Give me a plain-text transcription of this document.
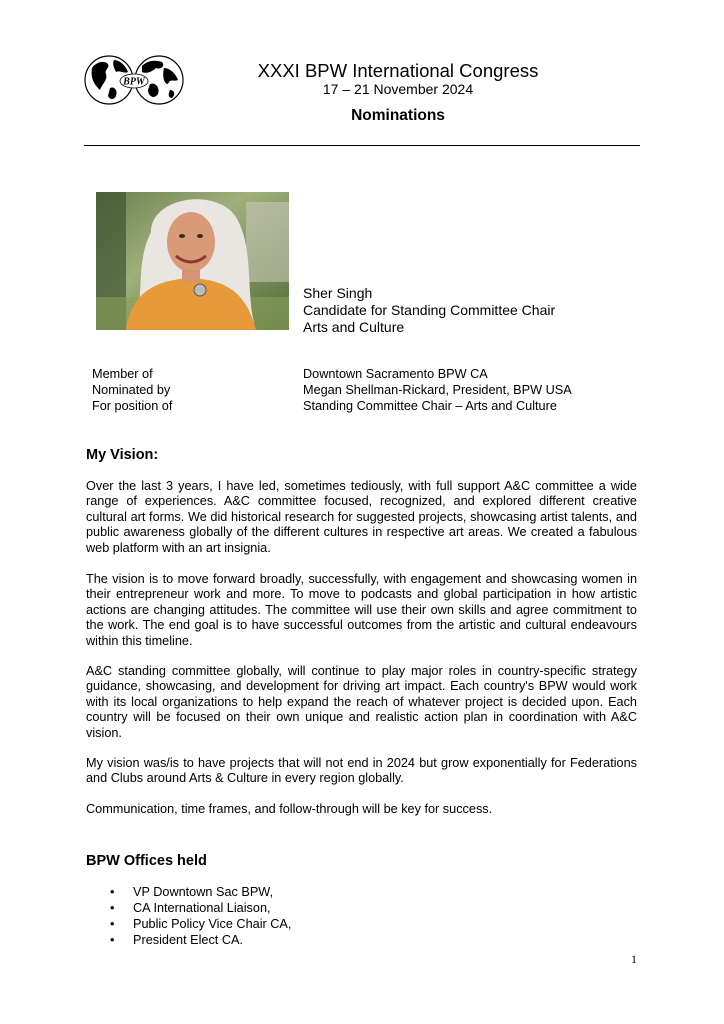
BPW
XXXI BPW International Congress
17 – 21 November 2024
Nominations
Sher Singh
Candidate for Standing Committee Chair
Arts and Culture
Member of	Downtown Sacramento BPW CA
Nominated by	Megan Shellman-Rickard, President, BPW USA
For position of	Standing Committee Chair – Arts and Culture
My Vision:

Over the last 3 years, I have led, sometimes tediously, with full support A&C committee a wide range of experiences. A&C committee focused, recognized, and explored different creative cultural art forms. We did historical research for suggested projects, showcasing artist talents, and public awareness globally of the different cultures in respective art areas. We created a fabulous web platform with an art insignia.

The vision is to move forward broadly, successfully, with engagement and showcasing women in their entrepreneur work and more. To move to podcasts and global participation in how artistic actions are changing attitudes. The committee will use their own skills and agree commitment to the work. The end goal is to have successful outcomes from the artistic and cultural endeavours within this timeline.

A&C standing committee globally, will continue to play major roles in country-specific strategy guidance, showcasing, and development for driving art impact. Each country's BPW would work with its local organizations to help expand the reach of whatever project is decided upon. Each country will be focused on their own unique and realistic action plan in coordination with A&C vision.

My vision was/is to have projects that will not end in 2024 but grow exponentially for Federations and Clubs around Arts & Culture in every region globally.

Communication, time frames, and follow-through will be key for success.

BPW Offices held
• VP Downtown Sac BPW,
• CA International Liaison,
• Public Policy Vice Chair CA,
• President Elect CA.
1
